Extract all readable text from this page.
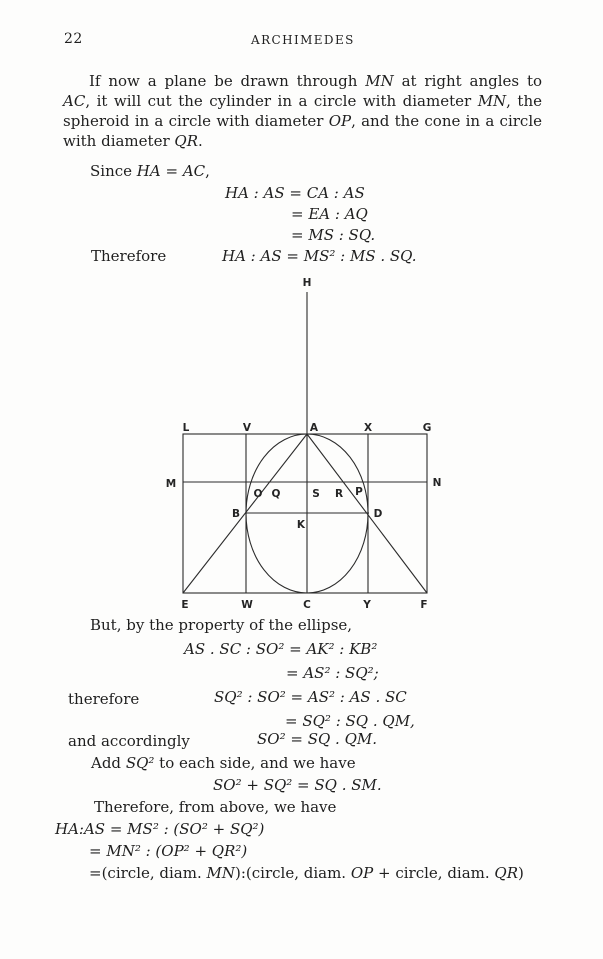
22	ARCHIMEDES
If now a plane be drawn through MN at right angles to
AC, it will cut the cylinder in a circle with diameter MN, the
spheroid in a circle with diameter OP, and the cone in a circle
with diameter QR.
Since HA = AC,
HA : AS = CA : AS
= EA : AQ
= MS : SQ.
Therefore	HA : AS = MS² : MS . SQ.
H
L	V	A	X	G
M	N
O Q	S R P
B	D
K
E	W	C	Y	F
But, by the property of the ellipse,
AS . SC : SO² = AK² : KB²
= AS² : SQ²;
therefore	SQ² : SO² = AS² : AS . SC
= SQ² : SQ . QM,
and accordingly	SO² = SQ . QM.
Add SQ² to each side, and we have
SO² + SQ² = SQ . SM.
Therefore, from above, we have
HA:AS = MS² : (SO² + SQ²)
= MN² : (OP² + QR²)
=(circle, diam. MN):(circle, diam. OP + circle, diam. QR)
